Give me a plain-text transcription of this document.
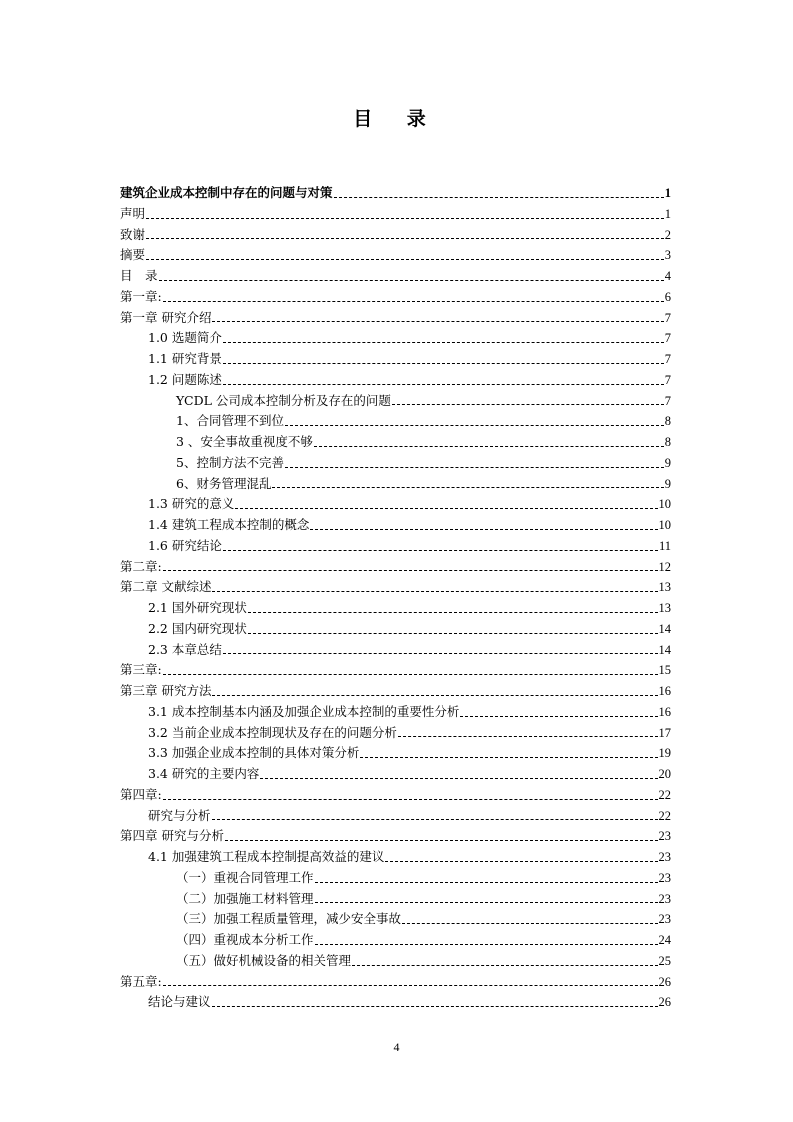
目 录
建筑企业成本控制中存在的问题与对策	1
声明	1
致谢	2
摘要	3
目　录	4
第一章:	6
第一章 研究介绍	7
1.0 选题简介	7
1.1 研究背景	7
1.2 问题陈述	7
YCDL 公司成本控制分析及存在的问题	7
1、合同管理不到位	8
3 、安全事故重视度不够	8
5、控制方法不完善	9
6、财务管理混乱	9
1.3 研究的意义	10
1.4 建筑工程成本控制的概念	10
1.6 研究结论	11
第二章:	12
第二章 文献综述	13
2.1 国外研究现状	13
2.2 国内研究现状	14
2.3 本章总结	14
第三章:	15
第三章 研究方法	16
3.1 成本控制基本内涵及加强企业成本控制的重要性分析	16
3.2 当前企业成本控制现状及存在的问题分析	17
3.3 加强企业成本控制的具体对策分析	19
3.4 研究的主要内容	20
第四章:	22
研究与分析	22
第四章 研究与分析	23
4.1 加强建筑工程成本控制提高效益的建议	23
（一）重视合同管理工作	23
（二）加强施工材料管理	23
（三）加强工程质量管理，减少安全事故	23
（四）重视成本分析工作	24
（五）做好机械设备的相关管理	25
第五章:	26
结论与建议	26
4
